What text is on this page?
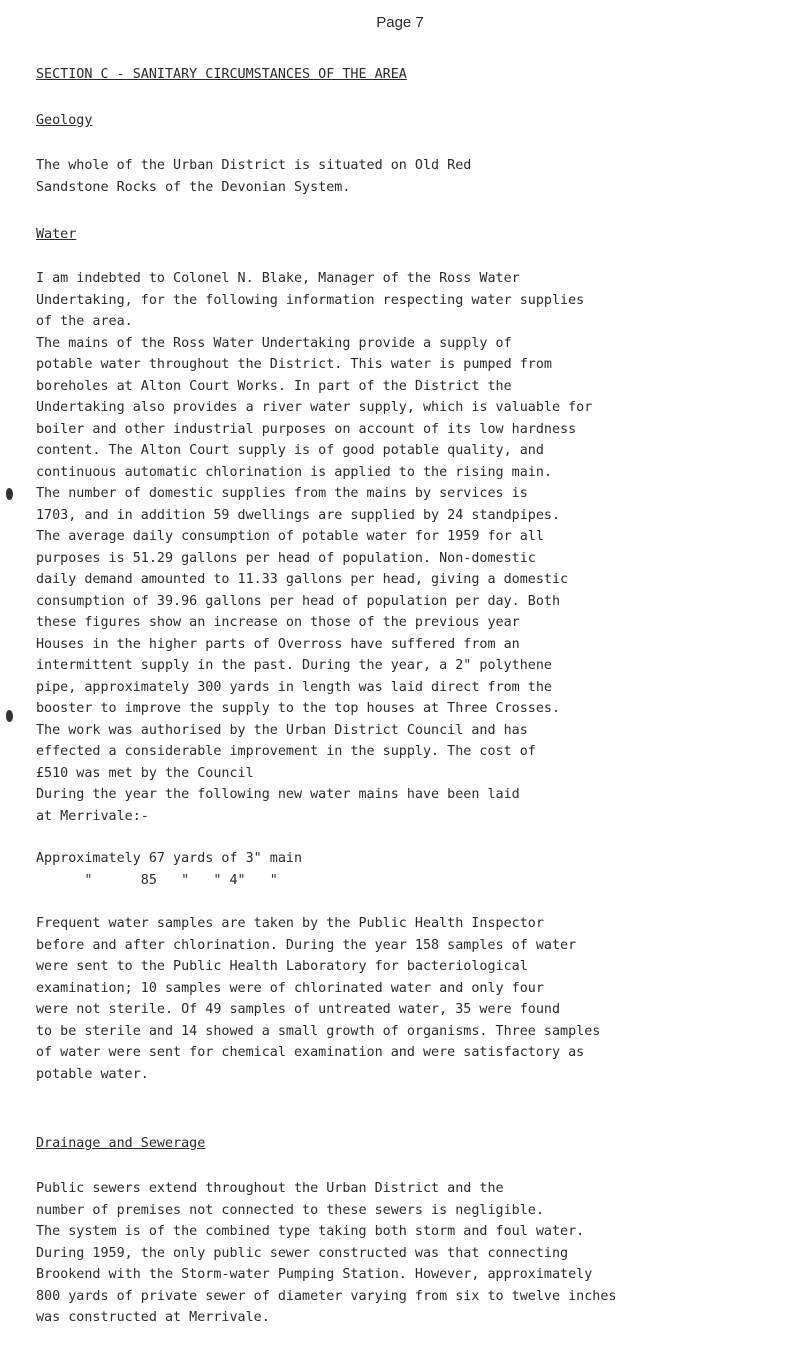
Page 7
SECTION C - SANITARY CIRCUMSTANCES OF THE AREA
Geology
The whole of the Urban District is situated on Old Red
Sandstone Rocks of the Devonian System.
Water
I am indebted to Colonel N. Blake, Manager of the Ross Water
Undertaking, for the following information respecting water supplies
of the area.
The mains of the Ross Water Undertaking provide a supply of
potable water throughout the District. This water is pumped from
boreholes at Alton Court Works. In part of the District the
Undertaking also provides a river water supply, which is valuable for
boiler and other industrial purposes on account of its low hardness
content. The Alton Court supply is of good potable quality, and
continuous automatic chlorination is applied to the rising main.
The number of domestic supplies from the mains by services is
1703, and in addition 59 dwellings are supplied by 24 standpipes.
The average daily consumption of potable water for 1959 for all
purposes is 51.29 gallons per head of population. Non-domestic
daily demand amounted to 11.33 gallons per head, giving a domestic
consumption of 39.96 gallons per head of population per day. Both
these figures show an increase on those of the previous year
Houses in the higher parts of Overross have suffered from an
intermittent supply in the past. During the year, a 2" polythene
pipe, approximately 300 yards in length was laid direct from the
booster to improve the supply to the top houses at Three Crosses.
The work was authorised by the Urban District Council and has
effected a considerable improvement in the supply. The cost of
£510 was met by the Council
During the year the following new water mains have been laid
at Merrivale:-
Approximately 67 yards of 3" main
"      85   "   " 4"   "
Frequent water samples are taken by the Public Health Inspector
before and after chlorination. During the year 158 samples of water
were sent to the Public Health Laboratory for bacteriological
examination; 10 samples were of chlorinated water and only four
were not sterile. Of 49 samples of untreated water, 35 were found
to be sterile and 14 showed a small growth of organisms. Three samples
of water were sent for chemical examination and were satisfactory as
potable water.
Drainage and Sewerage
Public sewers extend throughout the Urban District and the
number of premises not connected to these sewers is negligible.
The system is of the combined type taking both storm and foul water.
During 1959, the only public sewer constructed was that connecting
Brookend with the Storm-water Pumping Station. However, approximately
800 yards of private sewer of diameter varying from six to twelve inches
was constructed at Merrivale.
